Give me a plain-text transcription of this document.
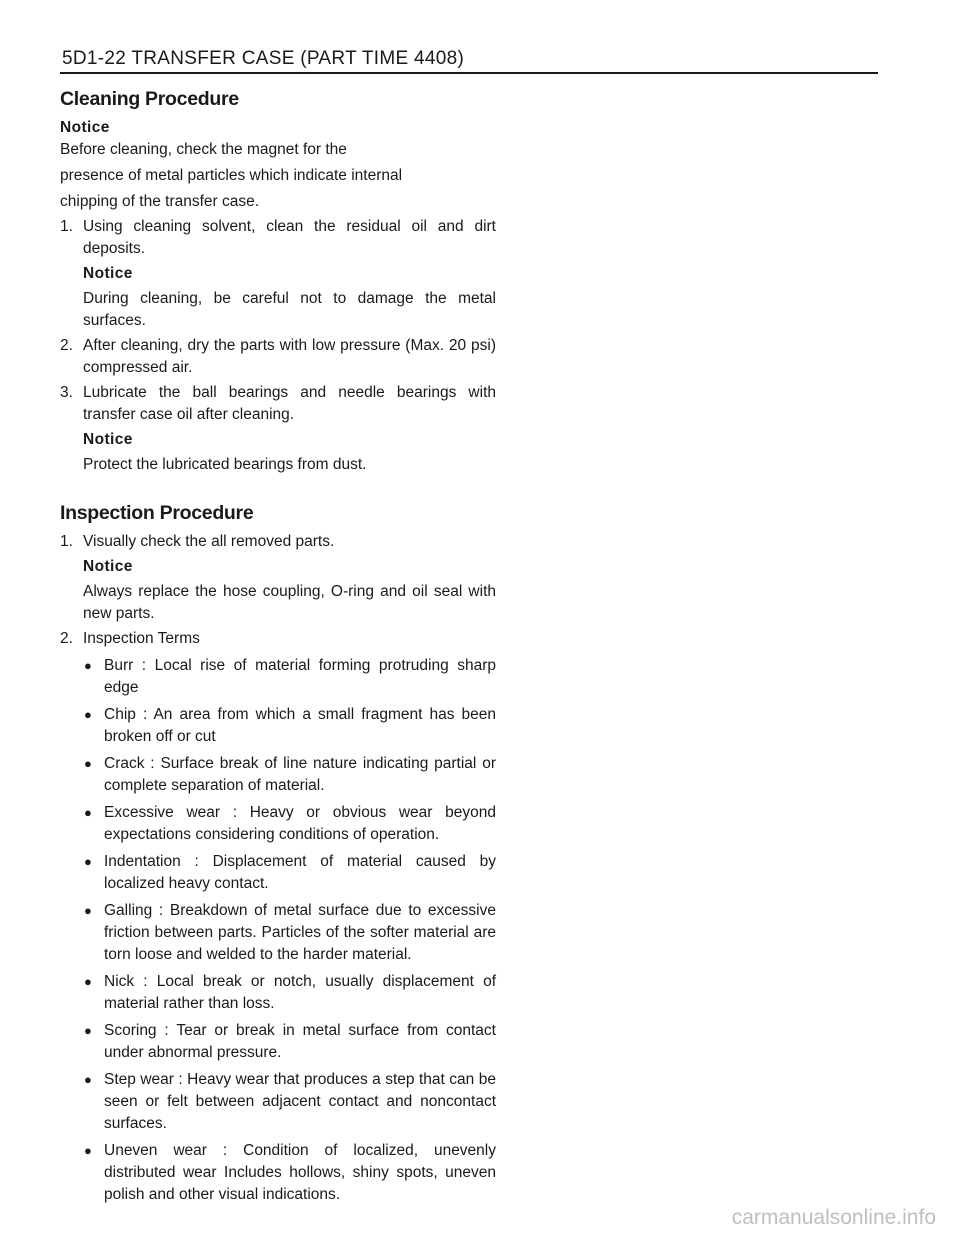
5D1-22 TRANSFER CASE (PART TIME 4408)
Cleaning Procedure

Notice

Before cleaning, check the magnet for the

presence of metal particles which indicate internal

chipping of the transfer case.

1. Using cleaning solvent, clean the residual oil and dirt deposits.

Notice

During cleaning, be careful not to damage the metal surfaces.

2. After cleaning, dry the parts with low pressure (Max. 20 psi) compressed air.

3. Lubricate the ball bearings and needle bearings with transfer case oil after cleaning.

Notice

Protect the lubricated bearings from dust.

Inspection Procedure
1. Visually check the all removed parts.

Notice

Always replace the hose coupling, O-ring and oil seal with new parts.

2. Inspection Terms

● Burr : Local rise of material forming protruding sharp edge
● Chip : An area from which a small fragment has been broken off or cut
● Crack : Surface break of line nature indicating partial or complete separation of material.
● Excessive wear : Heavy or obvious wear beyond expectations considering conditions of operation.
● Indentation : Displacement of material caused by localized heavy contact.
● Galling : Breakdown of metal surface due to excessive friction between parts. Particles of the softer material are torn loose and welded to the harder material.
● Nick : Local break or notch, usually displacement of material rather than loss.
● Scoring : Tear or break in metal surface from contact under abnormal pressure.
● Step wear : Heavy wear that produces a step that can be seen or felt between adjacent contact and noncontact surfaces.
● Uneven wear : Condition of localized, unevenly distributed wear Includes hollows, shiny spots, uneven polish and other visual indications.
carmanualsonline.info
